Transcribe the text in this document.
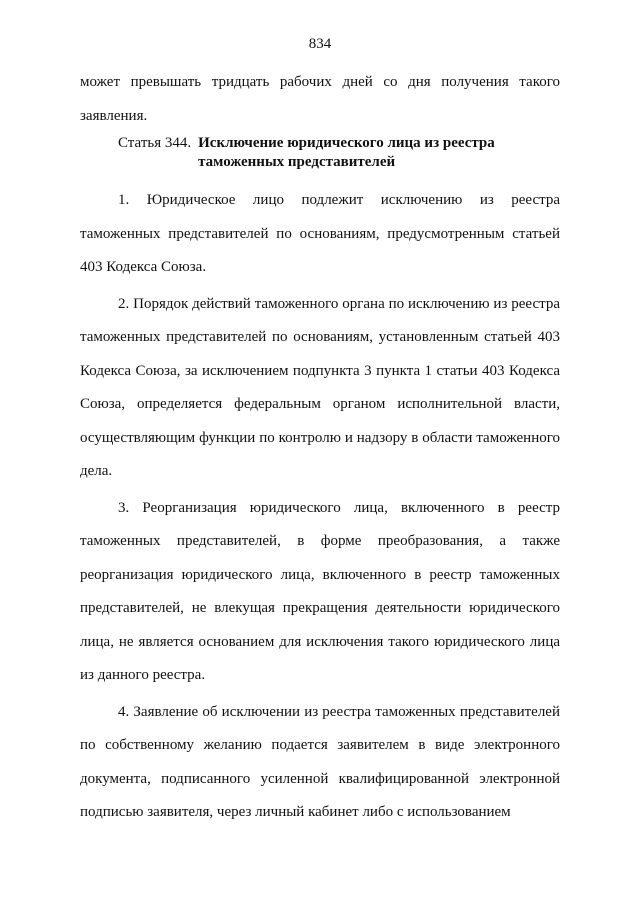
834

может превышать тридцать рабочих дней со дня получения такого заявления.

Статья 344. Исключение юридического лица из реестра таможенных представителей

1. Юридическое лицо подлежит исключению из реестра таможенных представителей по основаниям, предусмотренным статьей 403 Кодекса Союза.

2. Порядок действий таможенного органа по исключению из реестра таможенных представителей по основаниям, установленным статьей 403 Кодекса Союза, за исключением подпункта 3 пункта 1 статьи 403 Кодекса Союза, определяется федеральным органом исполнительной власти, осуществляющим функции по контролю и надзору в области таможенного дела.

3. Реорганизация юридического лица, включенного в реестр таможенных представителей, в форме преобразования, а также реорганизация юридического лица, включенного в реестр таможенных представителей, не влекущая прекращения деятельности юридического лица, не является основанием для исключения такого юридического лица из данного реестра.

4. Заявление об исключении из реестра таможенных представителей по собственному желанию подается заявителем в виде электронного документа, подписанного усиленной квалифицированной электронной подписью заявителя, через личный кабинет либо с использованием
